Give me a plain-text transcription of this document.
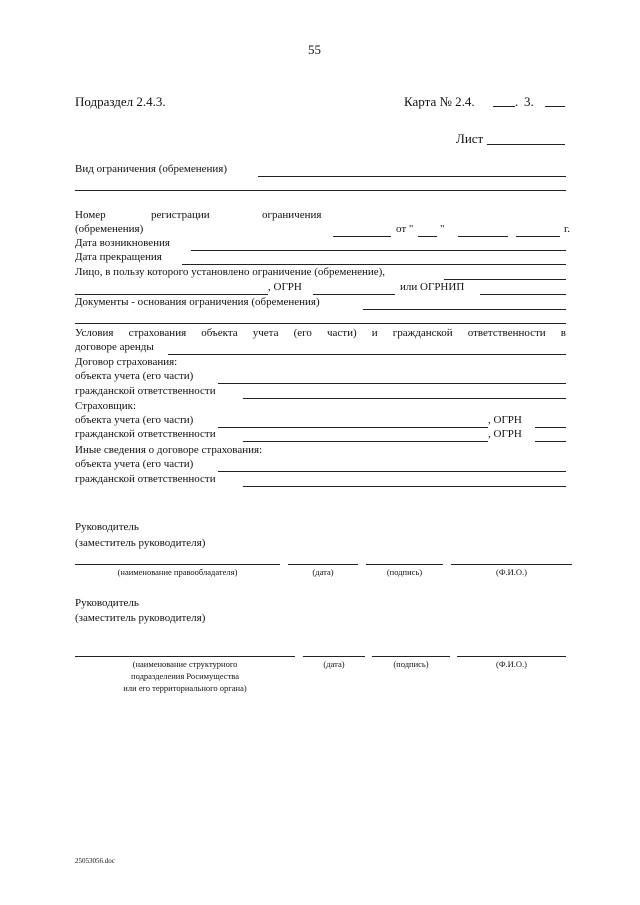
55
Подраздел 2.4.3.	Карта № 2.4.	. 3.
Лист
Вид ограничения (обременения)
Номер	регистрации	ограничения
(обременения)	от " "	г.
Дата возникновения
Дата прекращения
Лицо, в пользу которого установлено ограничение (обременение),
, ОГРН	или ОГРНИП
Документы - основания ограничения (обременения)
Условия страхования объекта учета (его части) и гражданской ответственности в
договоре аренды
Договор страхования:
объекта учета (его части)
гражданской ответственности
Страховщик:
объекта учета (его части)	, ОГРН
гражданской ответственности	, ОГРН
Иные сведения о договоре страхования:
объекта учета (его части)
гражданской ответственности
Руководитель
(заместитель руководителя)
(наименование правообладателя)	(дата)	(подпись)	(Ф.И.О.)
Руководитель
(заместитель руководителя)
(наименование структурного
подразделения Росимущества
или его территориального органа)
(дата)	(подпись)	(Ф.И.О.)
25053056.doc
